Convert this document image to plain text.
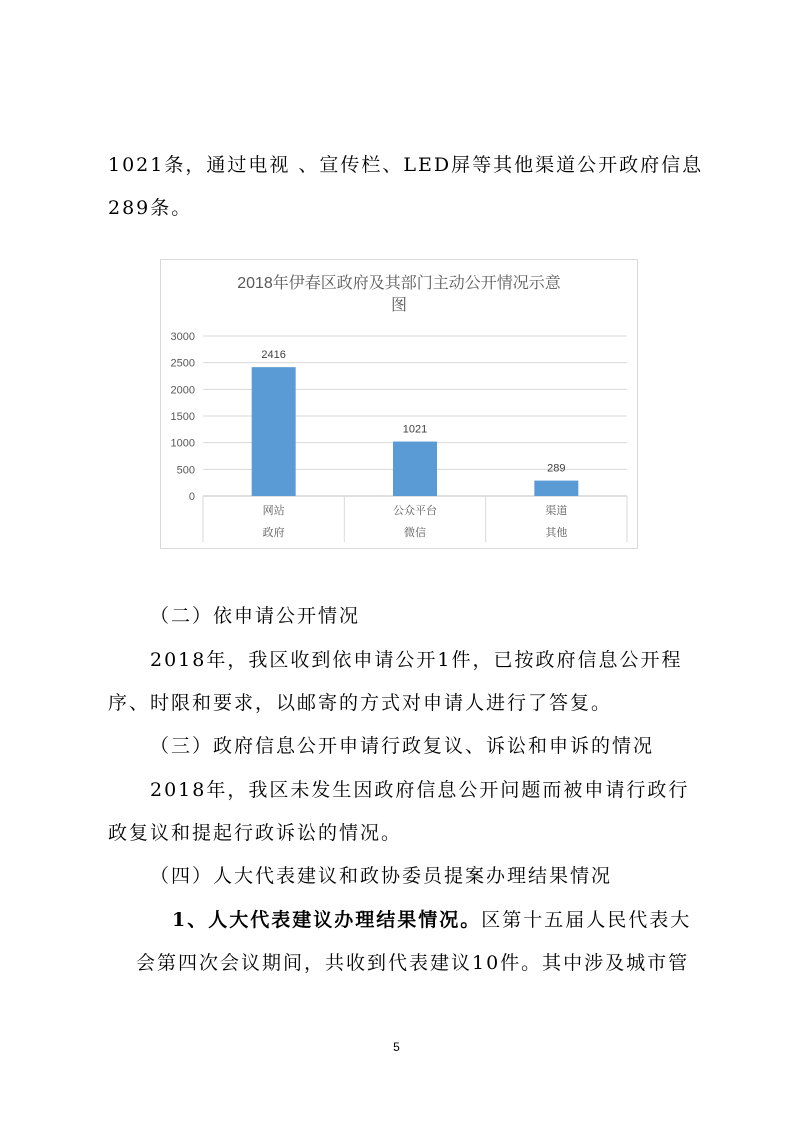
1021条，通过电视 、宣传栏、LED屏等其他渠道公开政府信息
289条。
2018年伊春区政府及其部门主动公开情况示意
图
0
500
1000
1500
2000
2500
3000
2416
网站
政府
1021
公众平台
微信
289
渠道
其他
（二）依申请公开情况
2018年，我区收到依申请公开1件，已按政府信息公开程
序、时限和要求，以邮寄的方式对申请人进行了答复。
（三）政府信息公开申请行政复议、诉讼和申诉的情况
2018年，我区未发生因政府信息公开问题而被申请行政行
政复议和提起行政诉讼的情况。
（四）人大代表建议和政协委员提案办理结果情况
1、人大代表建议办理结果情况。区第十五届人民代表大
会第四次会议期间，共收到代表建议10件。其中涉及城市管
5
